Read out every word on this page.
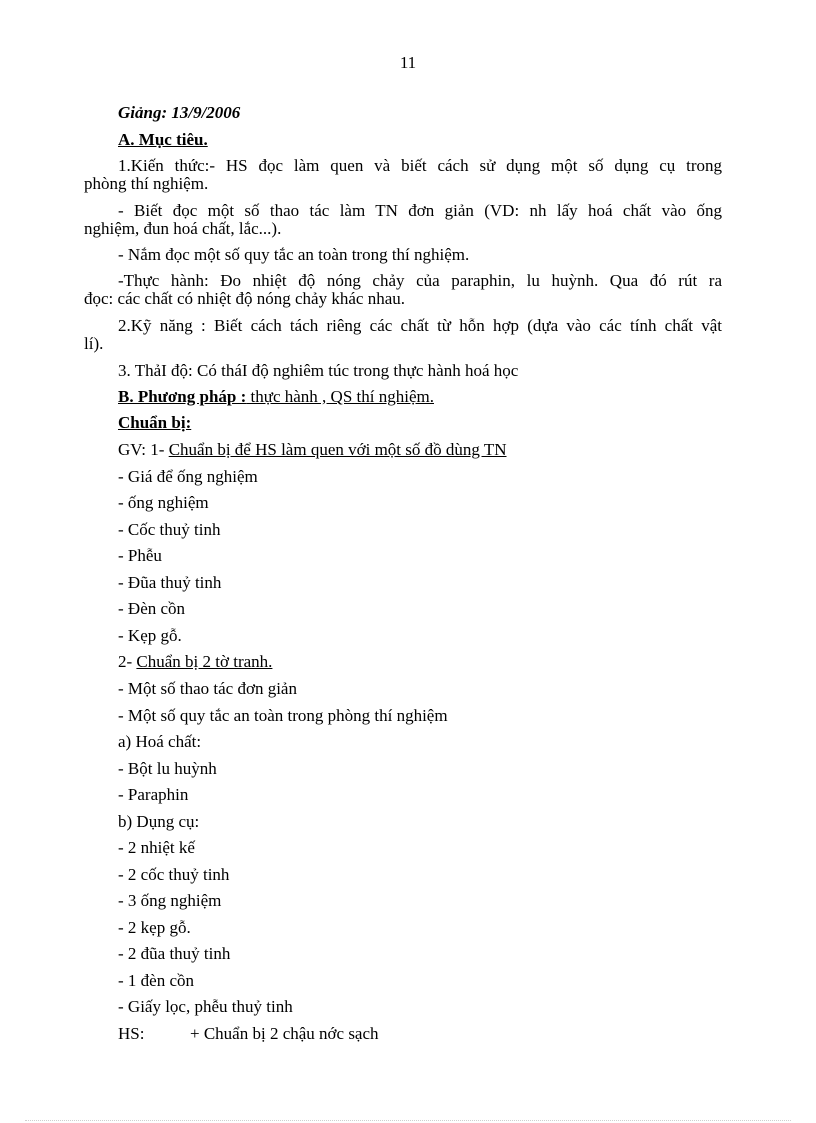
11
Giảng: 13/9/2006
A. Mục tiêu.
1.Kiến thức:- HS đọc làm quen và biết cách sử dụng một số dụng cụ trong
phòng thí nghiệm.
- Biết đọc một số thao tác làm TN đơn giản (VD: nh lấy hoá chất vào ống
nghiệm, đun hoá chất, lắc...).
- Nắm đọc một số quy tắc an toàn trong thí nghiệm.
-Thực hành: Đo nhiệt độ nóng chảy của paraphin, lu huỳnh. Qua đó rút ra
đọc: các chất có nhiệt độ nóng chảy khác nhau.
2.Kỹ năng : Biết cách tách riêng các chất từ hỗn hợp (dựa vào các tính chất vật
lí).
3. ThảI độ: Có tháI độ nghiêm túc trong thực hành hoá học
B. Phương pháp : thực hành , QS thí nghiệm.
Chuẩn bị:
GV: 1- Chuẩn bị để HS làm quen với một số đồ dùng TN
- Giá để ống nghiệm
- ống nghiệm
- Cốc thuỷ tinh
- Phễu
- Đũa thuỷ tinh
- Đèn cồn
- Kẹp gỗ.
2- Chuẩn bị 2 tờ tranh.
- Một số thao tác đơn giản
- Một số quy tắc an toàn trong phòng thí nghiệm
a) Hoá chất:
- Bột lu huỳnh
- Paraphin
b) Dụng cụ:
- 2 nhiệt kế
- 2 cốc thuỷ tinh
- 3 ống nghiệm
- 2 kẹp gỗ.
- 2 đũa thuỷ tinh
- 1 đèn cồn
- Giấy lọc, phễu thuỷ tinh
HS:	+ Chuẩn bị 2 chậu nớc sạch
